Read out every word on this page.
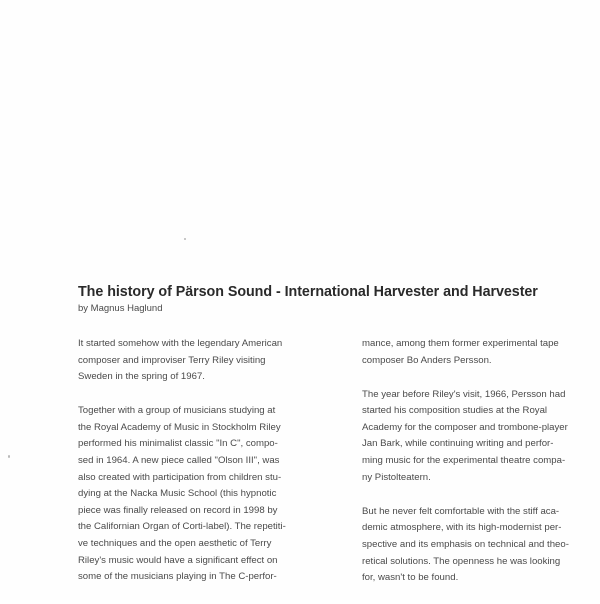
The history of Pärson Sound - International Harvester and Harvester
by Magnus Haglund

It started somehow with the legendary American
composer and improviser Terry Riley visiting
Sweden in the spring of 1967.

Together with a group of musicians studying at
the Royal Academy of Music in Stockholm Riley
performed his minimalist classic "In C", compo-
sed in 1964. A new piece called "Olson III", was
also created with participation from children stu-
dying at the Nacka Music School (this hypnotic
piece was finally released on record in 1998 by
the Californian Organ of Corti-label). The repetiti-
ve techniques and the open aesthetic of Terry
Riley's music would have a significant effect on
some of the musicians playing in The C-perfor-

mance, among them former experimental tape
composer Bo Anders Persson.

The year before Riley's visit, 1966, Persson had
started his composition studies at the Royal
Academy for the composer and trombone-player
Jan Bark, while continuing writing and perfor-
ming music for the experimental theatre compa-
ny Pistolteatern.

But he never felt comfortable with the stiff aca-
demic atmosphere, with its high-modernist per-
spective and its emphasis on technical and theo-
retical solutions. The openness he was looking
for, wasn't to be found.
